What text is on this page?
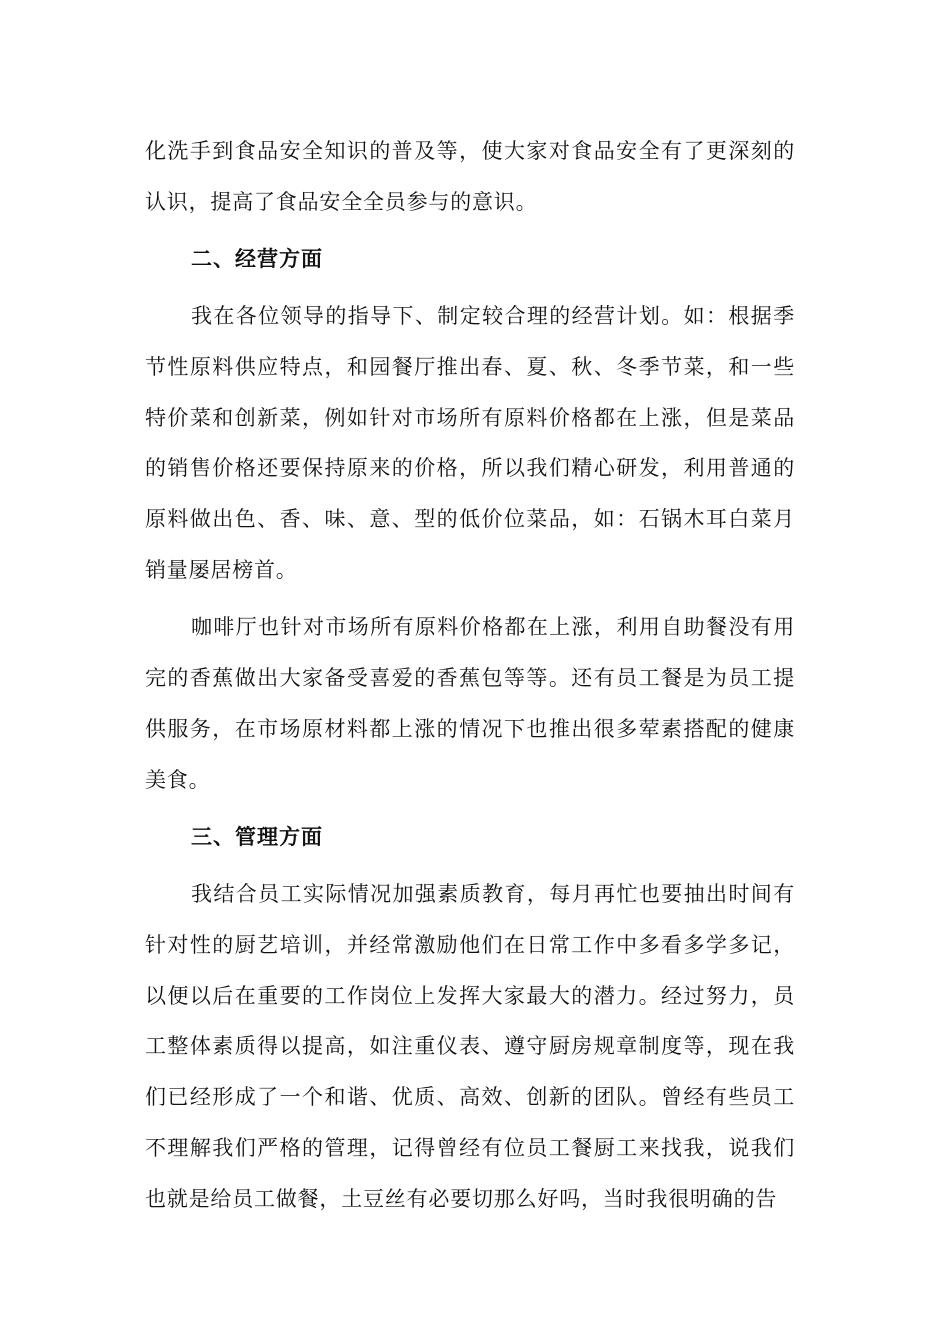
化洗手到食品安全知识的普及等，使大家对食品安全有了更深刻的认识，提高了食品安全全员参与的意识。

二、经营方面

我在各位领导的指导下、制定较合理的经营计划。如：根据季节性原料供应特点，和园餐厅推出春、夏、秋、冬季节菜，和一些特价菜和创新菜，例如针对市场所有原料价格都在上涨，但是菜品的销售价格还要保持原来的价格，所以我们精心研发，利用普通的原料做出色、香、味、意、型的低价位菜品，如：石锅木耳白菜月销量屡居榜首。

咖啡厅也针对市场所有原料价格都在上涨，利用自助餐没有用完的香蕉做出大家备受喜爱的香蕉包等等。还有员工餐是为员工提供服务，在市场原材料都上涨的情况下也推出很多荤素搭配的健康美食。

三、管理方面

我结合员工实际情况加强素质教育，每月再忙也要抽出时间有针对性的厨艺培训，并经常激励他们在日常工作中多看多学多记，以便以后在重要的工作岗位上发挥大家最大的潜力。经过努力，员工整体素质得以提高，如注重仪表、遵守厨房规章制度等，现在我们已经形成了一个和谐、优质、高效、创新的团队。曾经有些员工不理解我们严格的管理，记得曾经有位员工餐厨工来找我，说我们也就是给员工做餐，土豆丝有必要切那么好吗，当时我很明确的告
